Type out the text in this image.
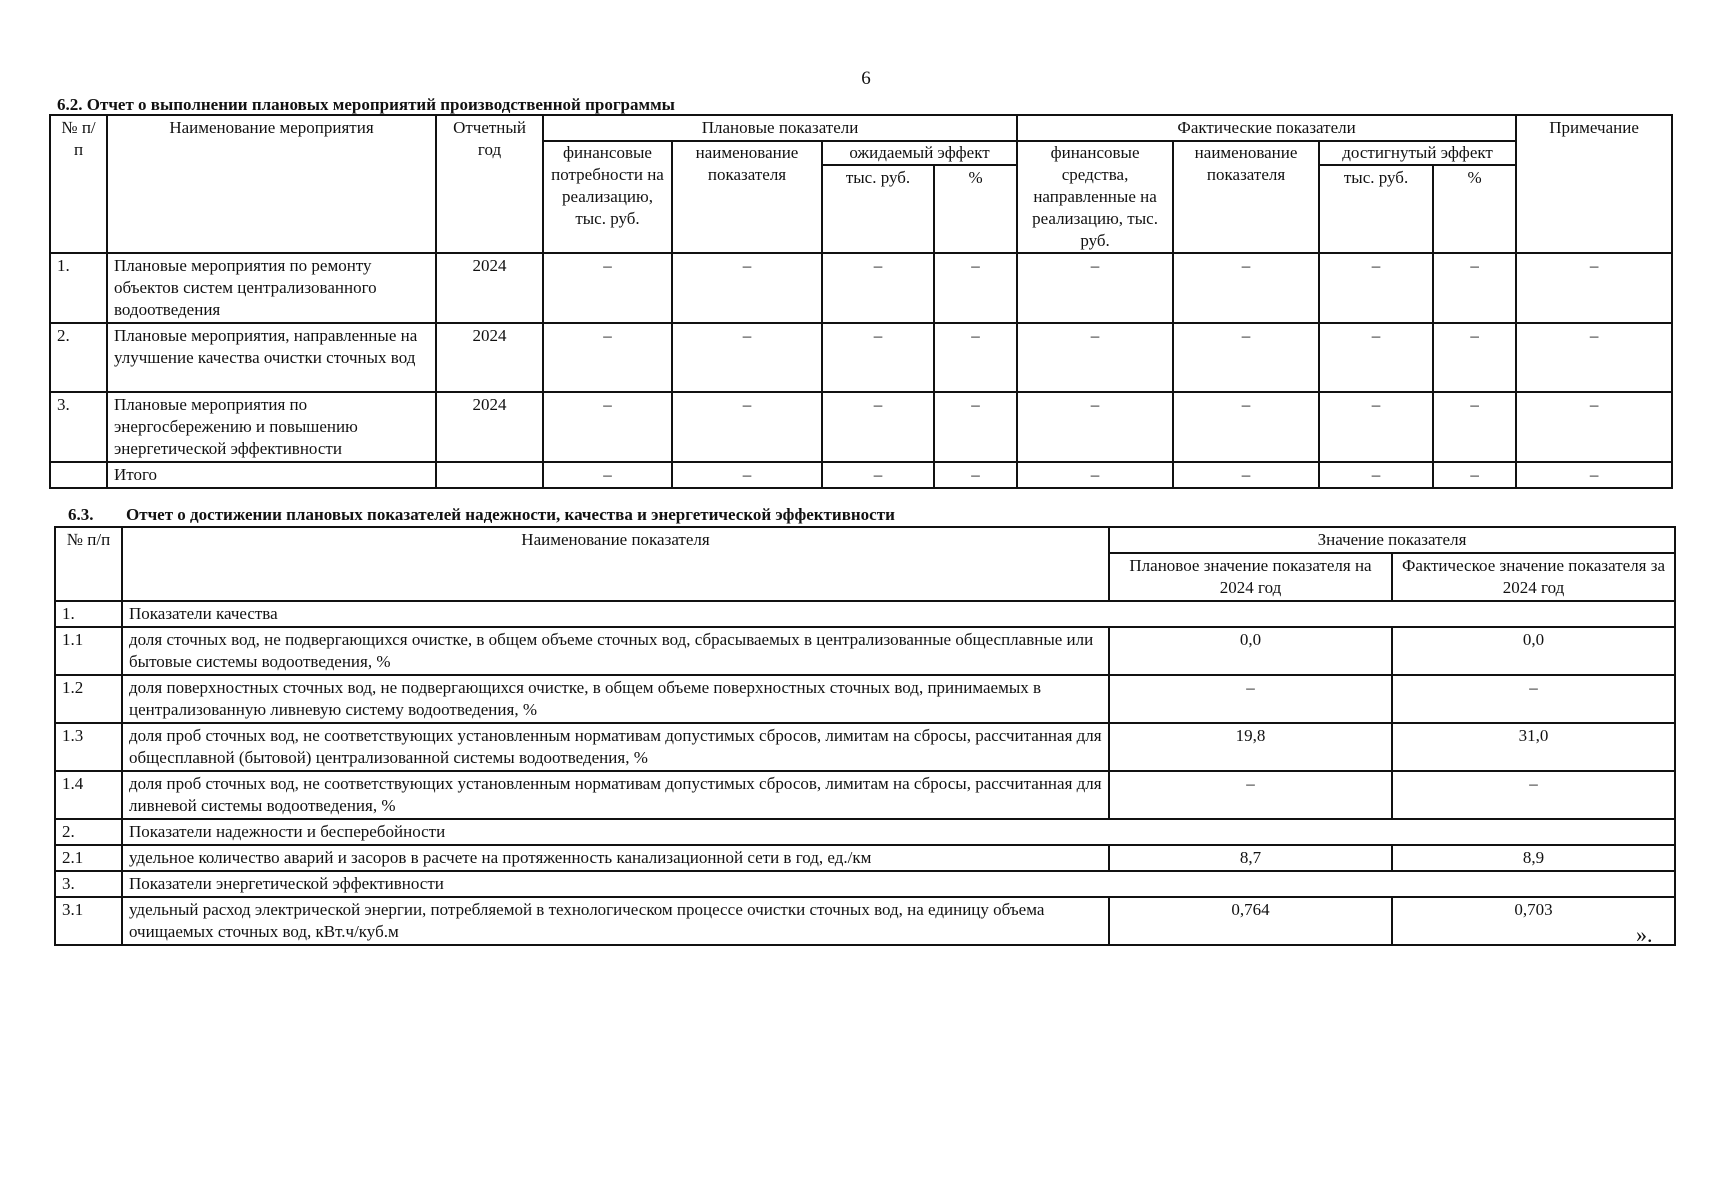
6
6.2. Отчет о выполнении плановых мероприятий производственной программы
№ п/п	Наименование мероприятия	Отчетный год	Плановые показатели				Фактические показатели				Примечание
			финансовые потребности на реализацию, тыс. руб.	наименование показателя	ожидаемый эффект		финансовые средства, направленные на реализацию, тыс. руб.	наименование показателя	достигнутый эффект		
					тыс. руб.	%			тыс. руб.	%	
1.	Плановые мероприятия по ремонту объектов систем централизованного водоотведения	2024	–	–	–	–	–	–	–	–	–
2.	Плановые мероприятия, направленные на улучшение качества очистки сточных вод	2024	–	–	–	–	–	–	–	–	–
3.	Плановые мероприятия по энергосбережению и повышению энергетической эффективности	2024	–	–	–	–	–	–	–	–	–
	Итого		–	–	–	–	–	–	–	–	–
6.3. Отчет о достижении плановых показателей надежности, качества и энергетической эффективности
№ п/п	Наименование показателя	Значение показателя	
		Плановое значение показателя на 2024 год	Фактическое значение показателя за 2024 год
1.	Показатели качества		
1.1	доля сточных вод, не подвергающихся очистке, в общем объеме сточных вод, сбрасываемых в централизованные общесплавные или бытовые системы водоотведения, %	0,0	0,0
1.2	доля поверхностных сточных вод, не подвергающихся очистке, в общем объеме поверхностных сточных вод, принимаемых в централизованную ливневую систему водоотведения, %	–	–
1.3	доля проб сточных вод, не соответствующих установленным нормативам допустимых сбросов, лимитам на сбросы, рассчитанная для общесплавной (бытовой) централизованной системы водоотведения, %	19,8	31,0
1.4	доля проб сточных вод, не соответствующих установленным нормативам допустимых сбросов, лимитам на сбросы, рассчитанная для ливневой системы водоотведения, %	–	–
2.	Показатели надежности и бесперебойности		
2.1	удельное количество аварий и засоров в расчете на протяженность канализационной сети в год, ед./км	8,7	8,9
3.	Показатели энергетической эффективности		
3.1	удельный расход электрической энергии, потребляемой в технологическом процессе очистки сточных вод, на единицу объема очищаемых сточных вод, кВт.ч/куб.м	0,764	0,703
».
